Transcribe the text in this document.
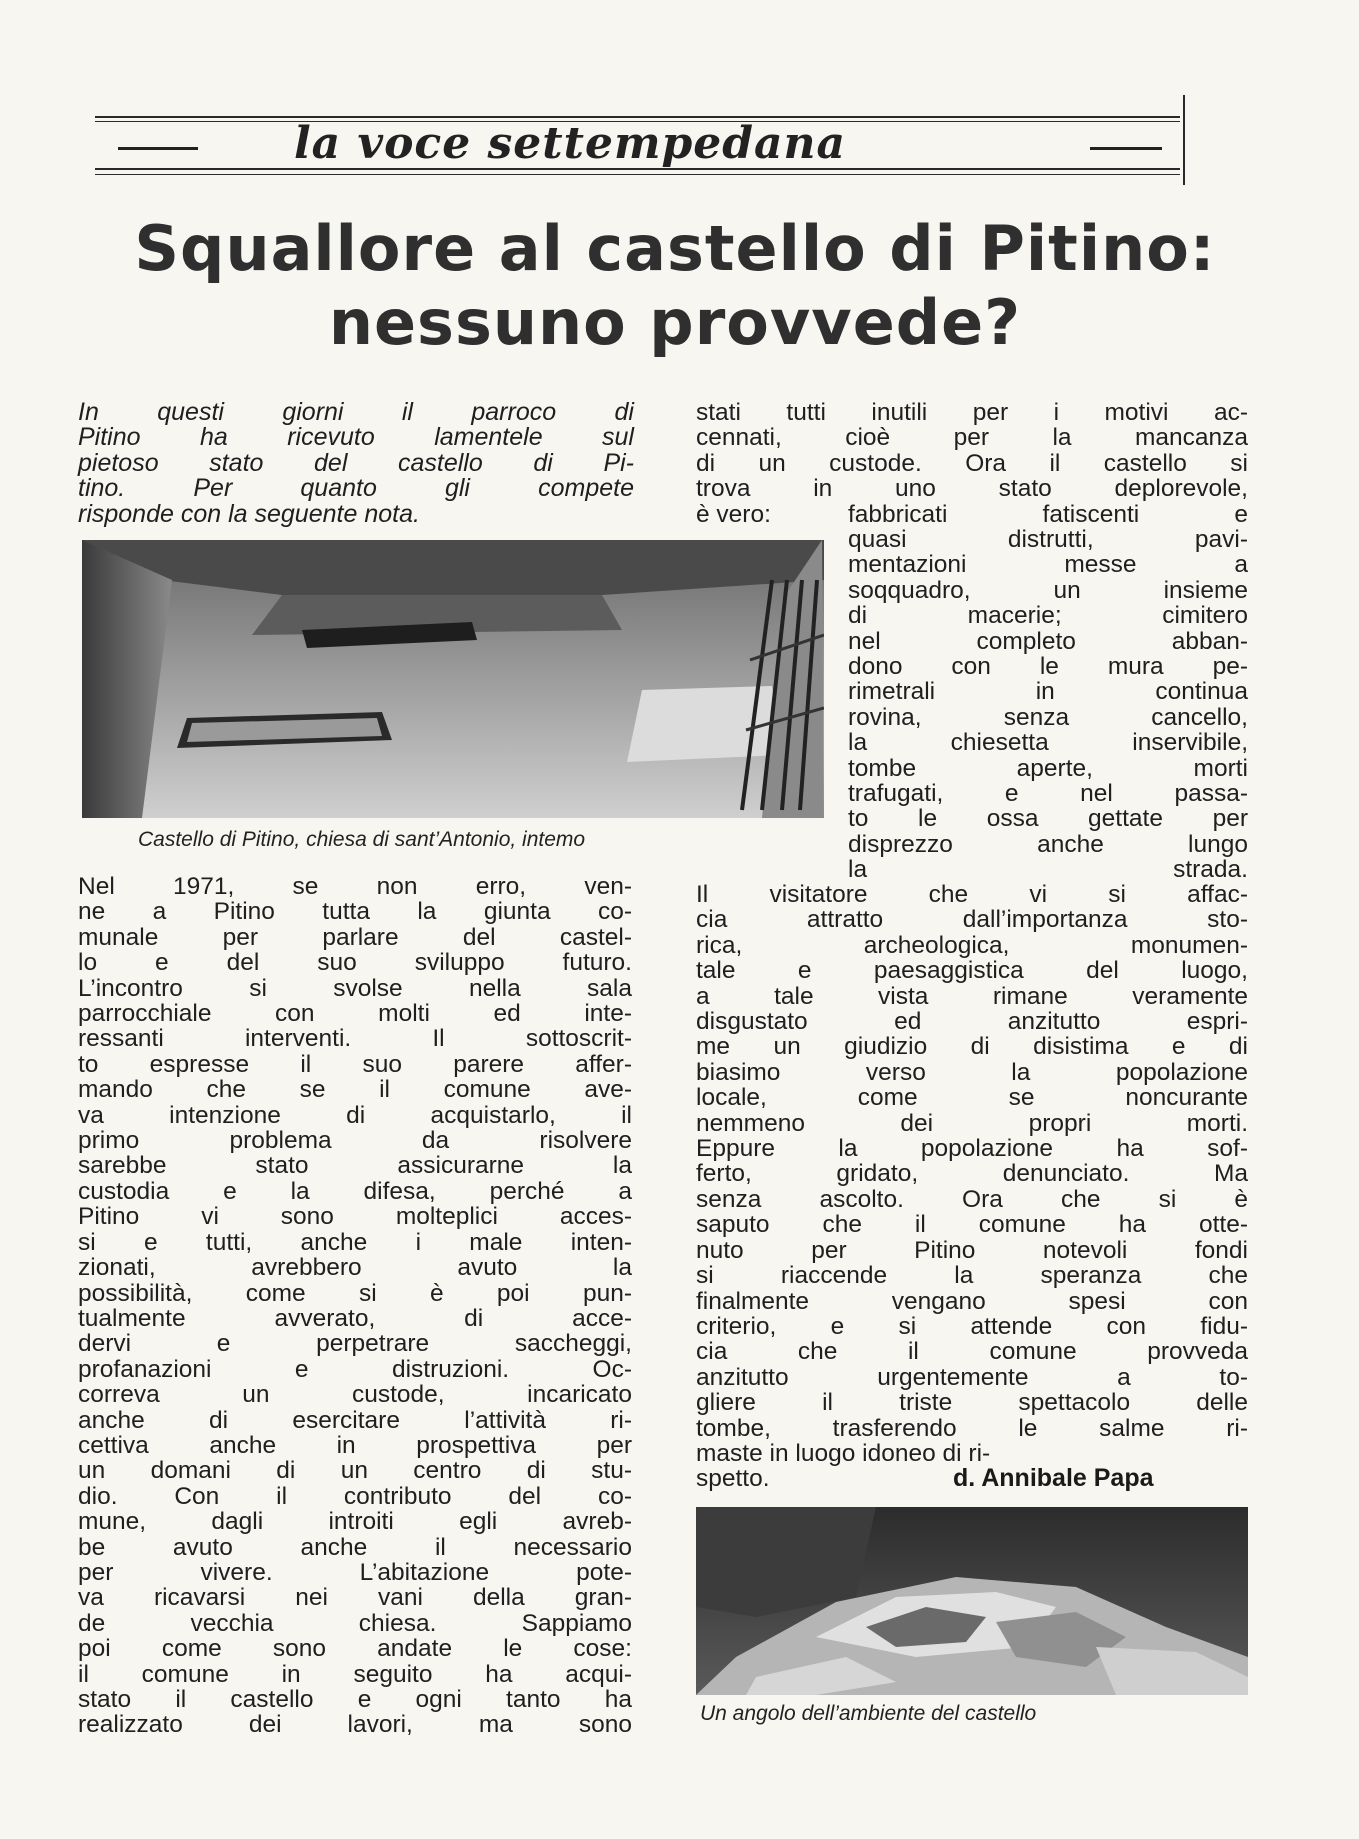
la voce settempedana
Squallore al castello di Pitino:
nessuno provvede?
In questi giorni il parroco di
Pitino ha ricevuto lamentele sul
pietoso stato del castello di Pi-
tino. Per quanto gli compete
risponde con la seguente nota.
Castello di Pitino, chiesa di sant’Antonio, intemo
Nel 1971, se non erro, ven-
ne a Pitino tutta la giunta co-
munale per parlare del castel-
lo e del suo sviluppo futuro.
L’incontro si svolse nella sala
parrocchiale con molti ed inte-
ressanti interventi. Il sottoscrit-
to espresse il suo parere affer-
mando che se il comune ave-
va intenzione di acquistarlo, il
primo problema da risolvere
sarebbe stato assicurarne la
custodia e la difesa, perché a
Pitino vi sono molteplici acces-
si e tutti, anche i male inten-
zionati, avrebbero avuto la
possibilità, come si è poi pun-
tualmente avverato, di acce-
dervi e perpetrare saccheggi,
profanazioni e distruzioni. Oc-
correva un custode, incaricato
anche di esercitare l’attività ri-
cettiva anche in prospettiva per
un domani di un centro di stu-
dio. Con il contributo del co-
mune, dagli introiti egli avreb-
be avuto anche il necessario
per vivere. L’abitazione pote-
va ricavarsi nei vani della gran-
de vecchia chiesa. Sappiamo
poi come sono andate le cose:
il comune in seguito ha acqui-
stato il castello e ogni tanto ha
realizzato dei lavori, ma sono
stati tutti inutili per i motivi ac-
cennati, cioè per la mancanza
di un custode. Ora il castello si
trova in uno stato deplorevole,
è vero:	fabbricati fatiscenti e
quasi distrutti, pavi-
mentazioni messe a
soqquadro, un insieme
di macerie; cimitero
nel completo abban-
dono con le mura pe-
rimetrali in continua
rovina, senza cancello,
la chiesetta inservibile,
tombe aperte, morti
trafugati, e nel passa-
to le ossa gettate per
disprezzo anche lungo
la strada.
Il visitatore che vi si affac-
cia attratto dall’importanza sto-
rica, archeologica, monumen-
tale e paesaggistica del luogo,
a tale vista rimane veramente
disgustato ed anzitutto espri-
me un giudizio di disistima e di
biasimo verso la popolazione
locale, come se noncurante
nemmeno dei propri morti.
Eppure la popolazione ha sof-
ferto, gridato, denunciato. Ma
senza ascolto. Ora che si è
saputo che il comune ha otte-
nuto per Pitino notevoli fondi
si riaccende la speranza che
finalmente vengano spesi con
criterio, e si attende con fidu-
cia che il comune provveda
anzitutto urgentemente a to-
gliere il triste spettacolo delle
tombe, trasferendo le salme ri-
maste in luogo idoneo di ri-
spetto.	d. Annibale Papa
Un angolo dell’ambiente del castello
